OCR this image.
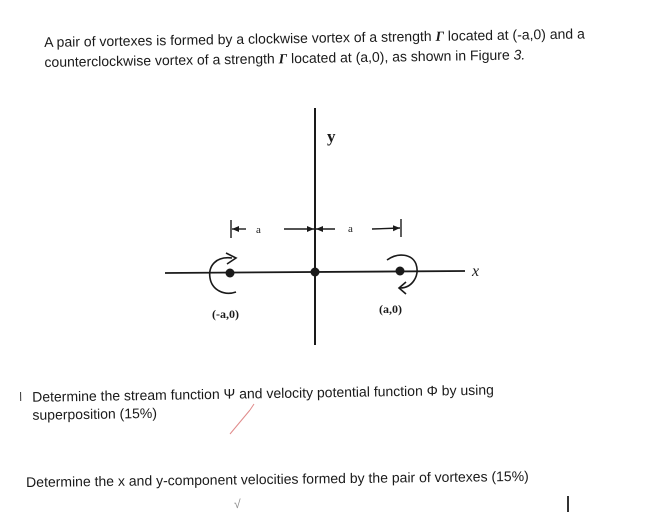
A pair of vortexes is formed by a clockwise vortex of a strength Γ located at (-a,0) and a counterclockwise vortex of a strength Γ located at (a,0), as shown in Figure 3.
y
x
a	a
(-a,0)	(a,0)
Determine the stream function Ψ and velocity potential function Φ by using superposition (15%)
Determine the x and y-component velocities formed by the pair of vortexes (15%)
√
